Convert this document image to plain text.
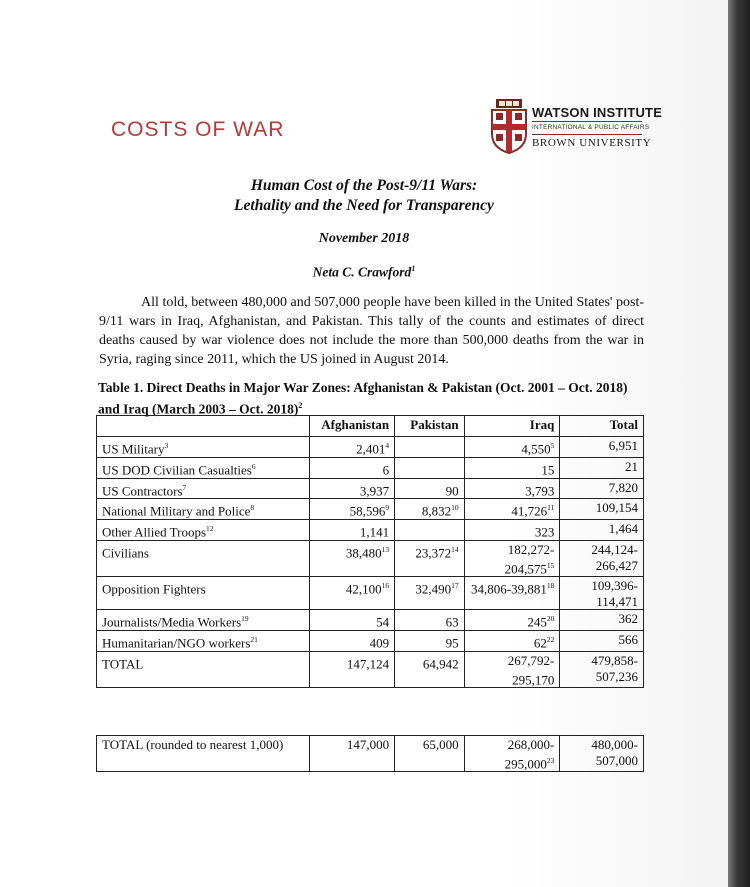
COSTS OF WAR
WATSON INSTITUTE
INTERNATIONAL & PUBLIC AFFAIRS
BROWN UNIVERSITY
Human Cost of the Post-9/11 Wars:
Lethality and the Need for Transparency
November 2018
Neta C. Crawford$^1$
All told, between 480,000 and 507,000 people have been killed in the United States' post-9/11 wars in Iraq, Afghanistan, and Pakistan. This tally of the counts and estimates of direct deaths caused by war violence does not include the more than 500,000 deaths from the war in Syria, raging since 2011, which the US joined in August 2014.
Table 1. Direct Deaths in Major War Zones: Afghanistan & Pakistan (Oct. 2001 – Oct. 2018) and Iraq (March 2003 – Oct. 2018)$^2$
	Afghanistan	Pakistan	Iraq	Total
US Military$^3$	2,401$^4$		4,550$^5$	6,951
US DOD Civilian Casualties$^6$	6		15	21
US Contractors$^7$	3,937	90	3,793	7,820
National Military and Police$^8$	58,596$^9$	8,832$^{10}$	41,726$^{11}$	109,154
Other Allied Troops$^{12}$	1,141		323	1,464
Civilians	38,480$^{13}$	23,372$^{14}$	182,272-204,575$^{15}$	244,124-266,427
Opposition Fighters	42,100$^{16}$	32,490$^{17}$	34,806-39,881$^{18}$	109,396-114,471
Journalists/Media Workers$^{19}$	54	63	$245^{20}$	362
Humanitarian/NGO workers$^{21}$	409	95	$62^{22}$	566
TOTAL	147,124	64,942	267,792-295,170	479,858-507,236
TOTAL (rounded to nearest 1,000)	147,000	65,000	268,000-295,000$^{23}$	480,000-507,000
